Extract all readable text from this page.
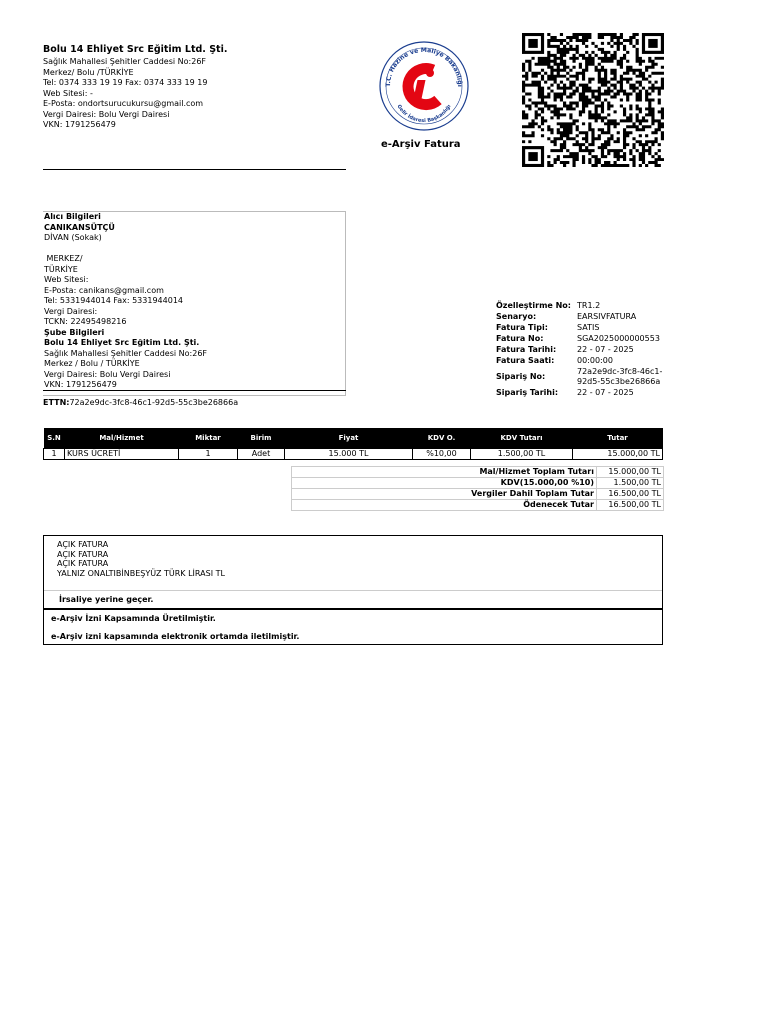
Bolu 14 Ehliyet Src Eğitim Ltd. Şti.
Sağlık Mahallesi Şehitler Caddesi No:26F
Merkez/ Bolu /TÜRKİYE
Tel: 0374 333 19 19 Fax: 0374 333 19 19
Web Sitesi: -
E-Posta: ondortsurucukursu@gmail.com
Vergi Dairesi: Bolu Vergi Dairesi
VKN: 1791256479
T.C. Hazine ve Maliye Bakanlığı
Gelir İdaresi Başkanlığı
e-Arşiv Fatura
Alıcı Bilgileri
CANIKANSÜTÇÜ
DİVAN (Sokak)
MERKEZ/
TÜRKİYE
Web Sitesi:
E-Posta: canikans@gmail.com
Tel: 5331944014 Fax: 5331944014
Vergi Dairesi:
TCKN: 22495498216
Şube Bilgileri
Bolu 14 Ehliyet Src Eğitim Ltd. Şti.
Sağlık Mahallesi Şehitler Caddesi No:26F
Merkez / Bolu / TÜRKİYE
Vergi Dairesi: Bolu Vergi Dairesi
VKN: 1791256479
ETTN:72a2e9dc-3fc8-46c1-92d5-55c3be26866a
Özelleştirme No:	TR1.2
Senaryo:	EARSIVFATURA
Fatura Tipi:	SATIS
Fatura No:	SGA2025000000553
Fatura Tarihi:	22 - 07 - 2025
Fatura Saati:	00:00:00
Sipariş No:	72a2e9dc-3fc8-46c1-92d5-55c3be26866a
Sipariş Tarihi:	22 - 07 - 2025
S.N	Mal/Hizmet	Miktar	Birim	Fiyat	KDV O.	KDV Tutarı	Tutar
1	KURS ÜCRETİ	1	Adet	15.000 TL	%10,00	1.500,00 TL	15.000,00 TL
Mal/Hizmet Toplam Tutarı	15.000,00 TL
KDV(15.000,00 %10)	1.500,00 TL
Vergiler Dahil Toplam Tutar	16.500,00 TL
Ödenecek Tutar	16.500,00 TL
AÇIK FATURA
AÇIK FATURA
AÇIK FATURA
YALNIZ ONALTIBİNBEŞYÜZ TÜRK LİRASI TL
İrsaliye yerine geçer.
e-Arşiv İzni Kapsamında Üretilmiştir.
e-Arşiv izni kapsamında elektronik ortamda iletilmiştir.
